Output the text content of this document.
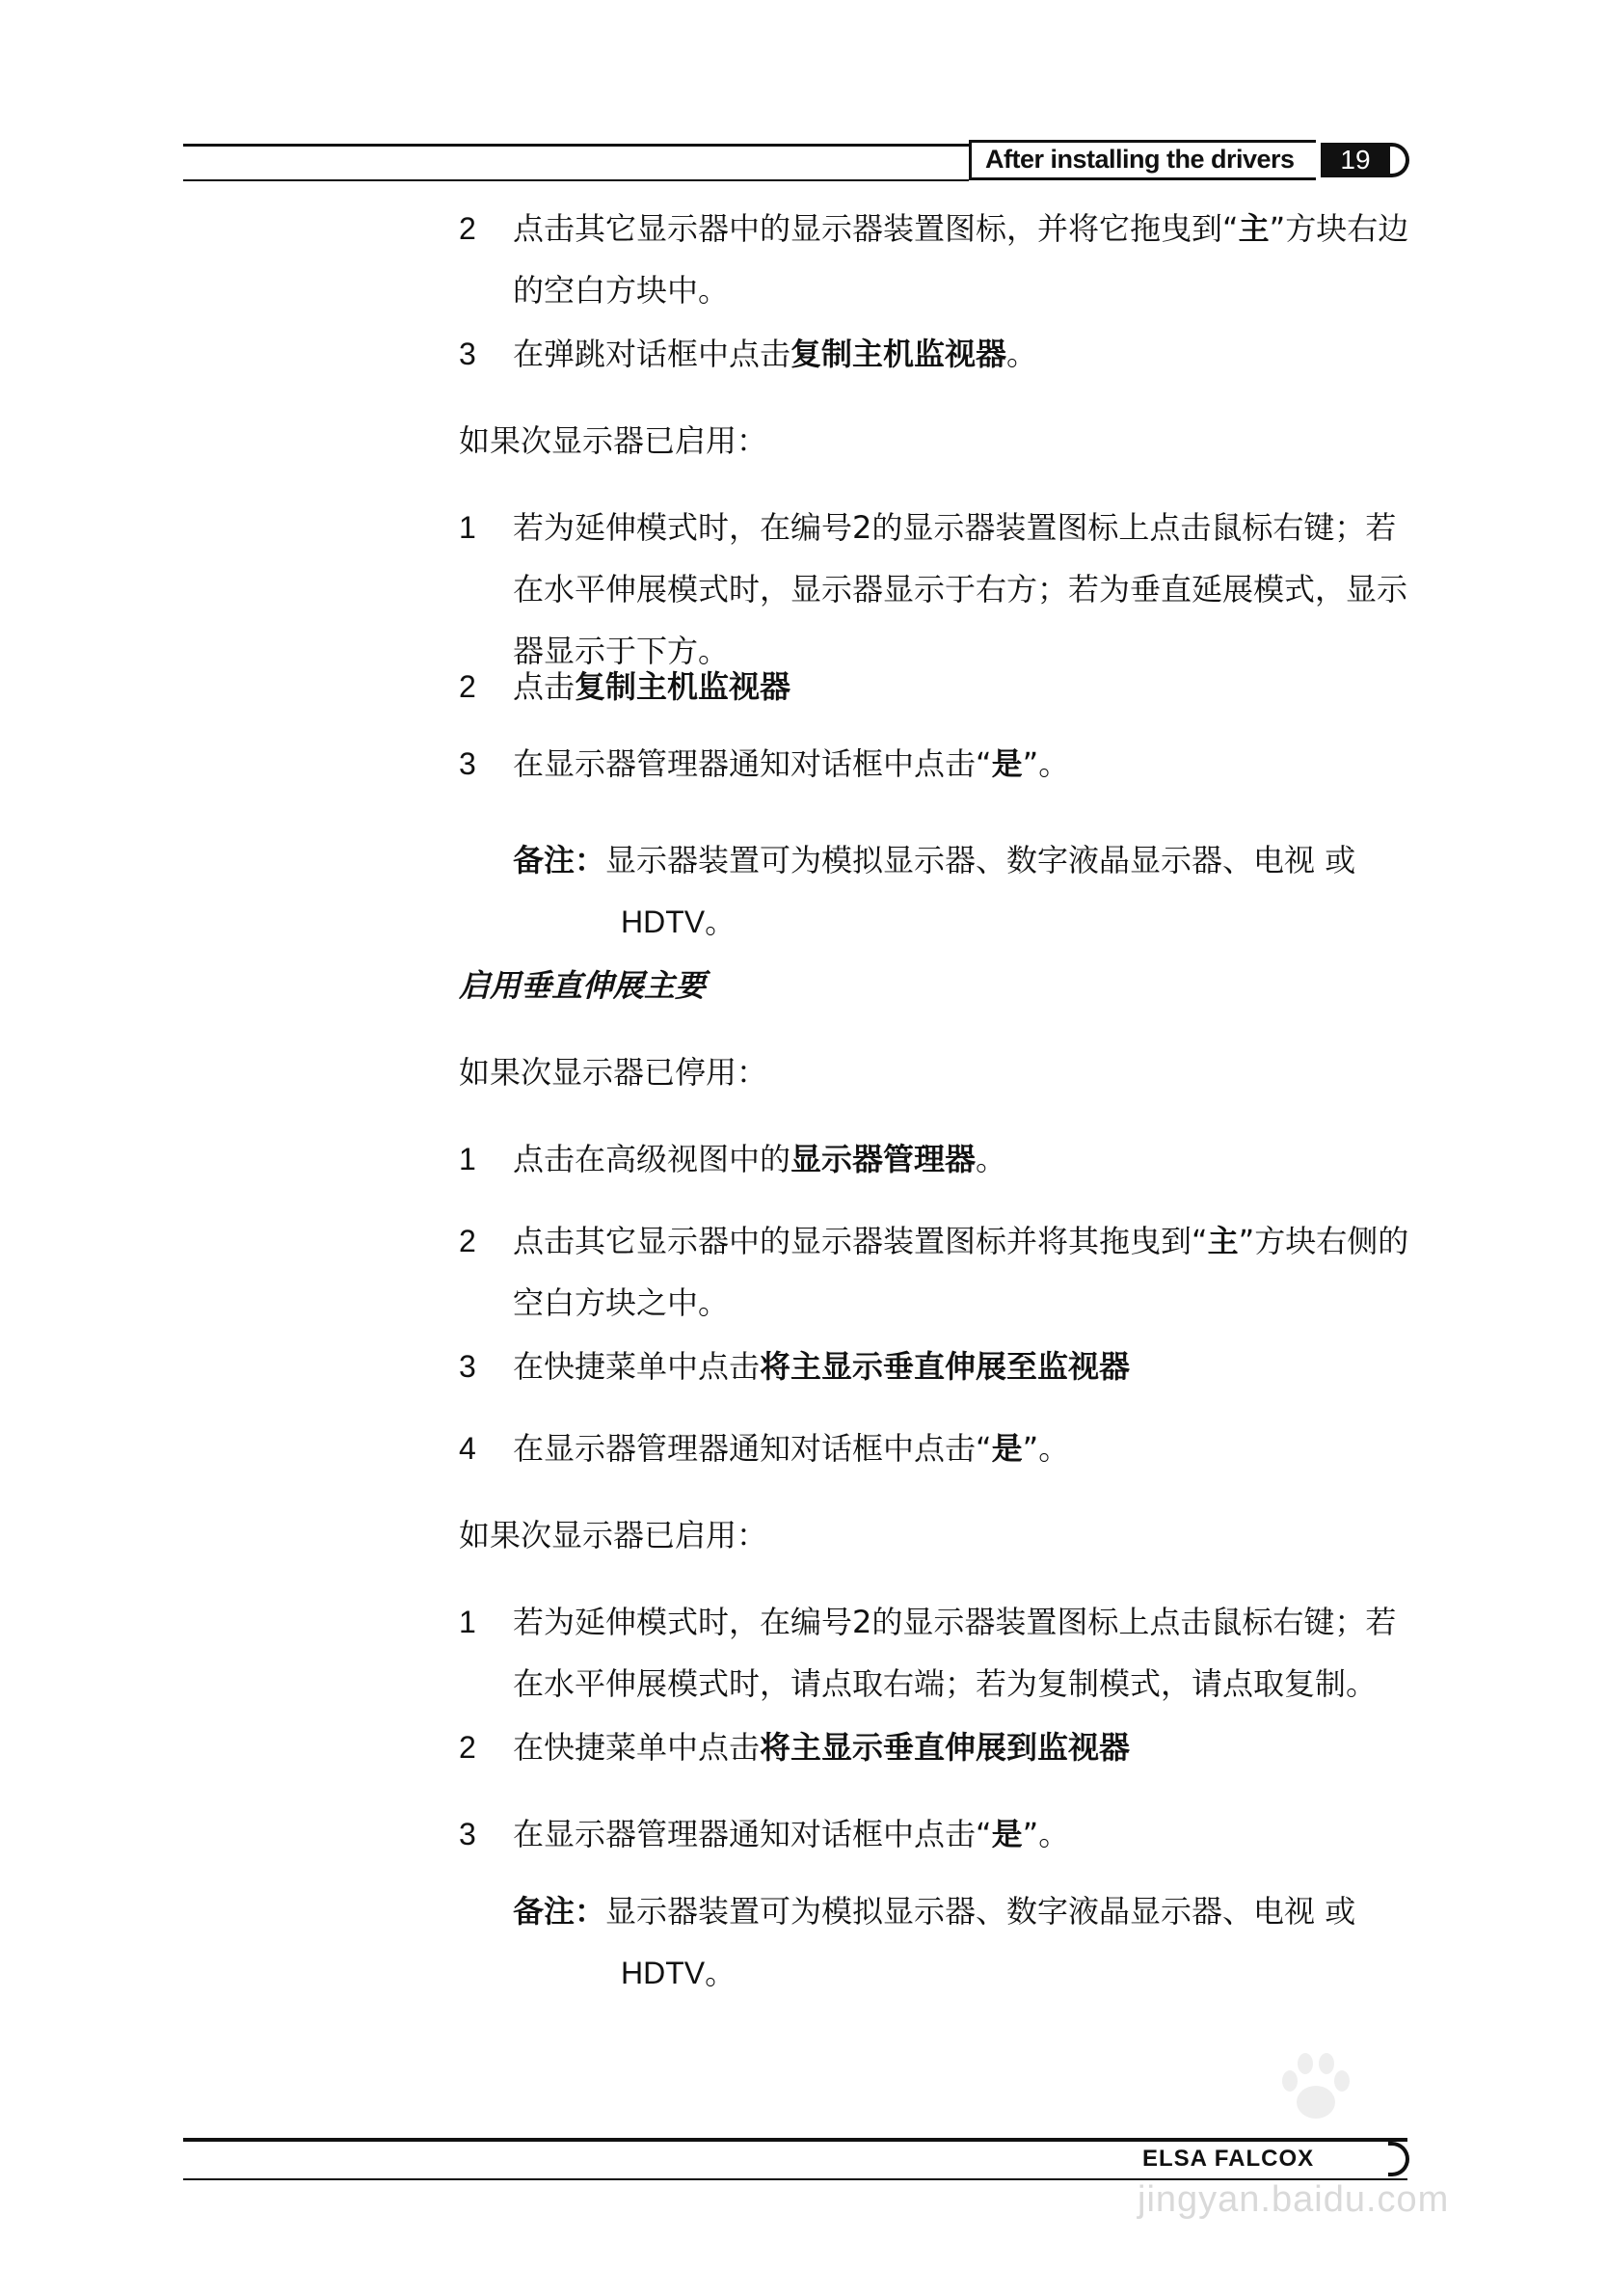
After installing the drivers	19
2	点击其它显示器中的显示器装置图标，并将它拖曳到“主”方块右边的空白方块中。
3	在弹跳对话框中点击复制主机监视器。
如果次显示器已启用：
1	若为延伸模式时，在编号2的显示器装置图标上点击鼠标右键；若在水平伸展模式时，显示器显示于右方；若为垂直延展模式，显示器显示于下方。
2	点击复制主机监视器
3	在显示器管理器通知对话框中点击“是”。
备注：显示器装置可为模拟显示器、数字液晶显示器、电视 或
HDTV。
启用垂直伸展主要
如果次显示器已停用：
1	点击在高级视图中的显示器管理器。
2	点击其它显示器中的显示器装置图标并将其拖曳到“主”方块右侧的空白方块之中。
3	在快捷菜单中点击将主显示垂直伸展至监视器
4	在显示器管理器通知对话框中点击“是”。
如果次显示器已启用：
1	若为延伸模式时，在编号2的显示器装置图标上点击鼠标右键；若在水平伸展模式时，请点取右端；若为复制模式，请点取复制。
2	在快捷菜单中点击将主显示垂直伸展到监视器
3	在显示器管理器通知对话框中点击“是”。
备注：显示器装置可为模拟显示器、数字液晶显示器、电视 或
HDTV。
ELSA FALCOX
jingyan.baidu.com
